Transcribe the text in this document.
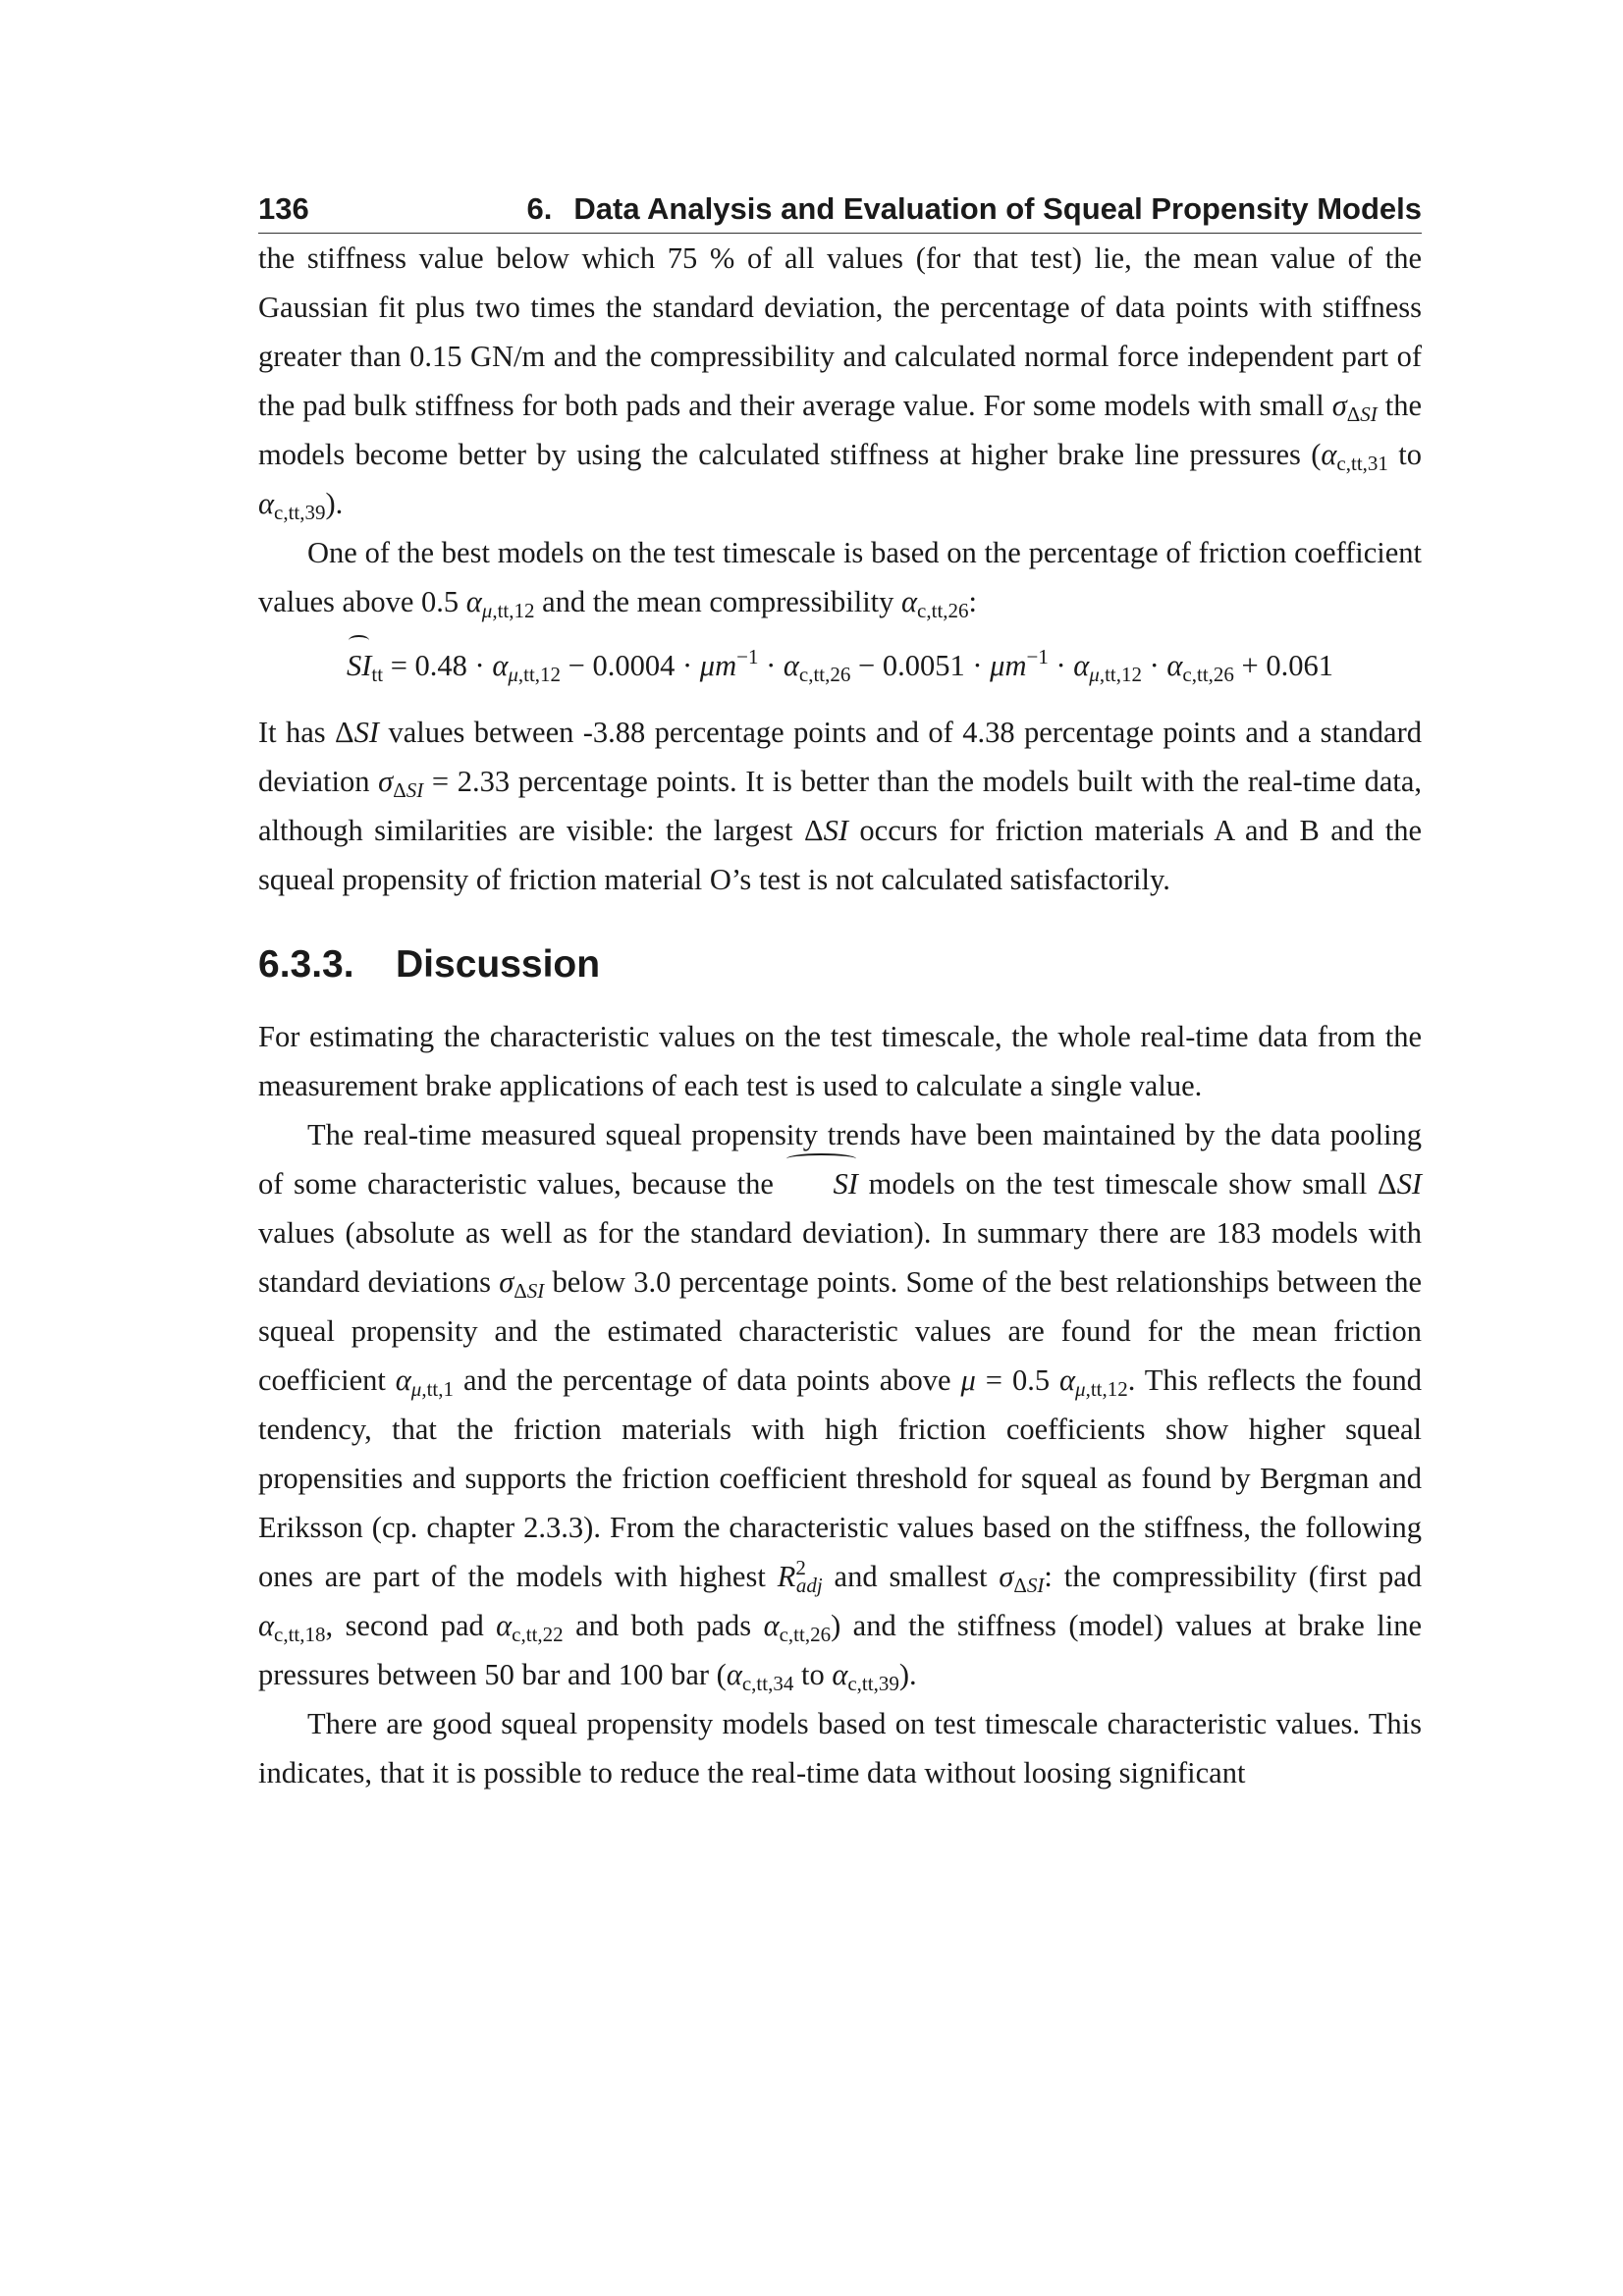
136	6. Data Analysis and Evaluation of Squeal Propensity Models

the stiffness value below which 75 % of all values (for that test) lie, the mean value of the Gaussian fit plus two times the standard deviation, the percentage of data points with stiffness greater than 0.15 GN/m and the compressibility and calculated normal force independent part of the pad bulk stiffness for both pads and their average value. For some models with small $\sigma_{\Delta SI}$ the models become better by using the calculated stiffness at higher brake line pressures ($\alpha_{c,tt,31}$ to $\alpha_{c,tt,39}$).

One of the best models on the test timescale is based on the percentage of friction coefficient values above 0.5 $\alpha_{\mu,tt,12}$ and the mean compressibility $\alpha_{c,tt,26}$:

$SI_{tt} = 0.48 \cdot \alpha_{\mu,tt,12} - 0.0004 \cdot \mu m^{-1} \cdot \alpha_{c,tt,26} - 0.0051 \cdot \mu m^{-1} \cdot \alpha_{\mu,tt,12} \cdot \alpha_{c,tt,26} + 0.061$

It has ΔSI values between -3.88 percentage points and of 4.38 percentage points and a standard deviation $\sigma_{\Delta SI} = 2.33$ percentage points. It is better than the models built with the real-time data, although similarities are visible: the largest ΔSI occurs for friction materials A and B and the squeal propensity of friction material O’s test is not calculated satisfactorily.

6.3.3.	Discussion

For estimating the characteristic values on the test timescale, the whole real-time data from the measurement brake applications of each test is used to calculate a single value.

The real-time measured squeal propensity trends have been maintained by the data pooling of some characteristic values, because the SI models on the test timescale show small ΔSI values (absolute as well as for the standard deviation). In summary there are 183 models with standard deviations $\sigma_{\Delta SI}$ below 3.0 percentage points. Some of the best relationships between the squeal propensity and the estimated characteristic values are found for the mean friction coefficient $\alpha_{\mu,tt,1}$ and the percentage of data points above μ = 0.5 $\alpha_{\mu,tt,12}$. This reflects the found tendency, that the friction materials with high friction coefficients show higher squeal propensities and supports the friction coefficient threshold for squeal as found by Bergman and Eriksson (cp. chapter 2.3.3). From the characteristic values based on the stiffness, the following ones are part of the models with highest $R^2_{adj}$ and smallest $\sigma_{\Delta SI}$: the compressibility (first pad $\alpha_{c,tt,18}$, second pad $\alpha_{c,tt,22}$ and both pads $\alpha_{c,tt,26}$) and the stiffness (model) values at brake line pressures between 50 bar and 100 bar ($\alpha_{c,tt,34}$ to $\alpha_{c,tt,39}$).

There are good squeal propensity models based on test timescale characteristic values. This indicates, that it is possible to reduce the real-time data without loosing significant
